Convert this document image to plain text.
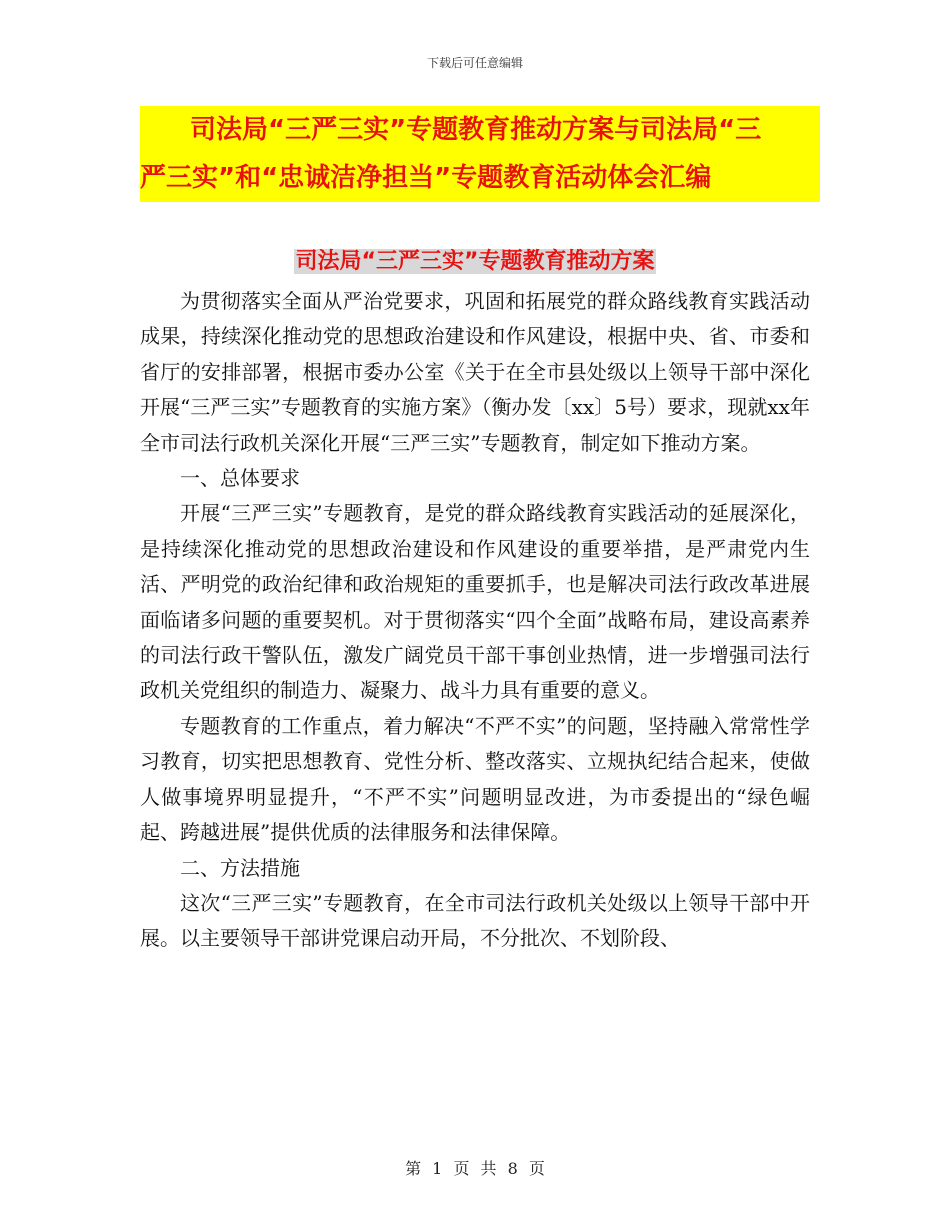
下载后可任意编辑
司法局“三严三实”专题教育推动方案与司法局“三
严三实”和“忠诚洁净担当”专题教育活动体会汇编
司法局“三严三实”专题教育推动方案

为贯彻落实全面从严治党要求，巩固和拓展党的群众路线教育实践活动成果，持续深化推动党的思想政治建设和作风建设，根据中央、省、市委和省厅的安排部署，根据市委办公室《关于在全市县处级以上领导干部中深化开展“三严三实”专题教育的实施方案》（衡办发〔xx〕5号）要求，现就xx年全市司法行政机关深化开展“三严三实”专题教育，制定如下推动方案。

一、总体要求

开展“三严三实”专题教育，是党的群众路线教育实践活动的延展深化，是持续深化推动党的思想政治建设和作风建设的重要举措，是严肃党内生活、严明党的政治纪律和政治规矩的重要抓手，也是解决司法行政改革进展面临诸多问题的重要契机。对于贯彻落实“四个全面”战略布局，建设高素养的司法行政干警队伍，激发广阔党员干部干事创业热情，进一步增强司法行政机关党组织的制造力、凝聚力、战斗力具有重要的意义。

专题教育的工作重点，着力解决“不严不实”的问题，坚持融入常常性学习教育，切实把思想教育、党性分析、整改落实、立规执纪结合起来，使做人做事境界明显提升，“不严不实”问题明显改进，为市委提出的“绿色崛起、跨越进展”提供优质的法律服务和法律保障。

二、方法措施

这次“三严三实”专题教育，在全市司法行政机关处级以上领导干部中开展。以主要领导干部讲党课启动开局，不分批次、不划阶段、

第 1 页 共 8 页
